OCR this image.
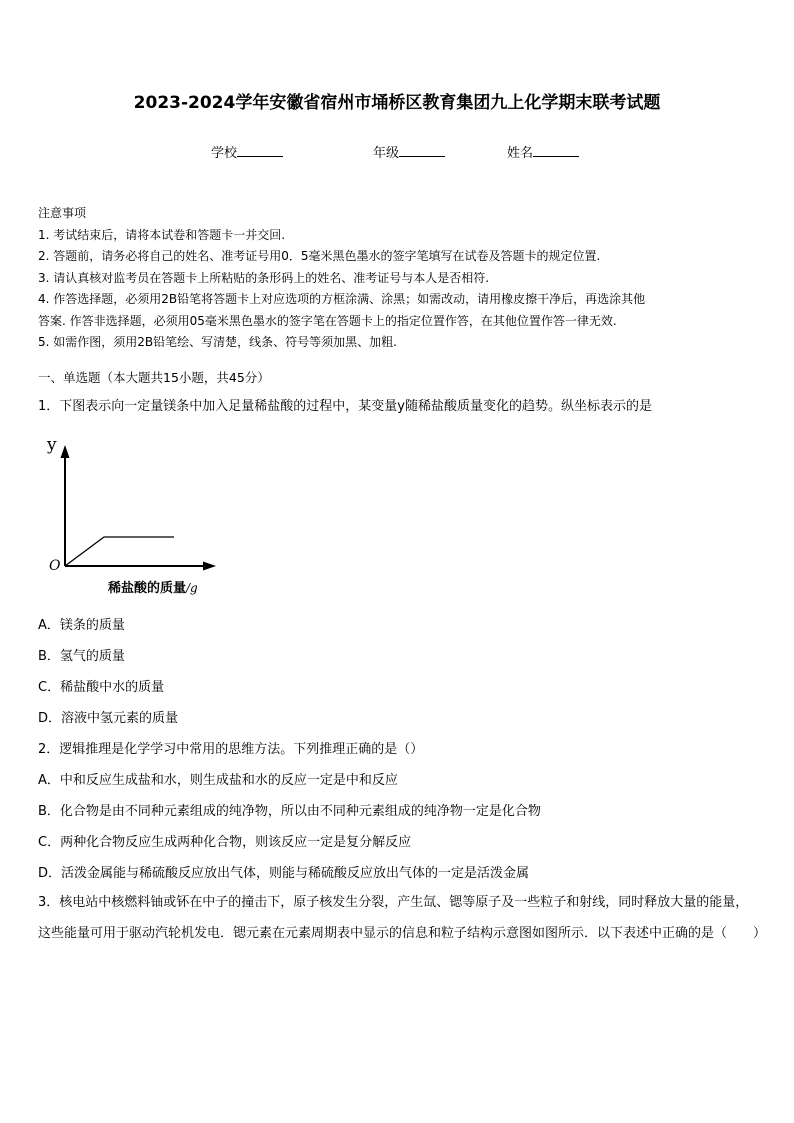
2023-2024学年安徽省宿州市埇桥区教育集团九上化学期末联考试题
学校	年级	姓名
注意事项
1. 考试结束后，请将本试卷和答题卡一并交回.
2. 答题前，请务必将自己的姓名、准考证号用0．5毫米黑色墨水的签字笔填写在试卷及答题卡的规定位置.
3. 请认真核对监考员在答题卡上所粘贴的条形码上的姓名、准考证号与本人是否相符.
4. 作答选择题，必须用2B铅笔将答题卡上对应选项的方框涂满、涂黑；如需改动，请用橡皮擦干净后，再选涂其他
答案. 作答非选择题，必须用05毫米黑色墨水的签字笔在答题卡上的指定位置作答，在其他位置作答一律无效.
5. 如需作图，须用2B铅笔绘、写清楚，线条、符号等须加黑、加粗.
一、单选题（本大题共15小题，共45分）
1．下图表示向一定量镁条中加入足量稀盐酸的过程中，某变量y随稀盐酸质量变化的趋势。纵坐标表示的是
y
O
稀盐酸的质量/g
A．镁条的质量
B．氢气的质量
C．稀盐酸中水的质量
D．溶液中氢元素的质量
2．逻辑推理是化学学习中常用的思维方法。下列推理正确的是（）
A．中和反应生成盐和水，则生成盐和水的反应一定是中和反应
B．化合物是由不同种元素组成的纯净物，所以由不同种元素组成的纯净物一定是化合物
C．两种化合物反应生成两种化合物，则该反应一定是复分解反应
D．活泼金属能与稀硫酸反应放出气体，则能与稀硫酸反应放出气体的一定是活泼金属
3．核电站中核燃料铀或钚在中子的撞击下，原子核发生分裂，产生氙、锶等原子及一些粒子和射线，同时释放大量的能量，这些能量可用于驱动汽轮机发电．锶元素在元素周期表中显示的信息和粒子结构示意图如图所示．以下表述中正确的是（　　）
